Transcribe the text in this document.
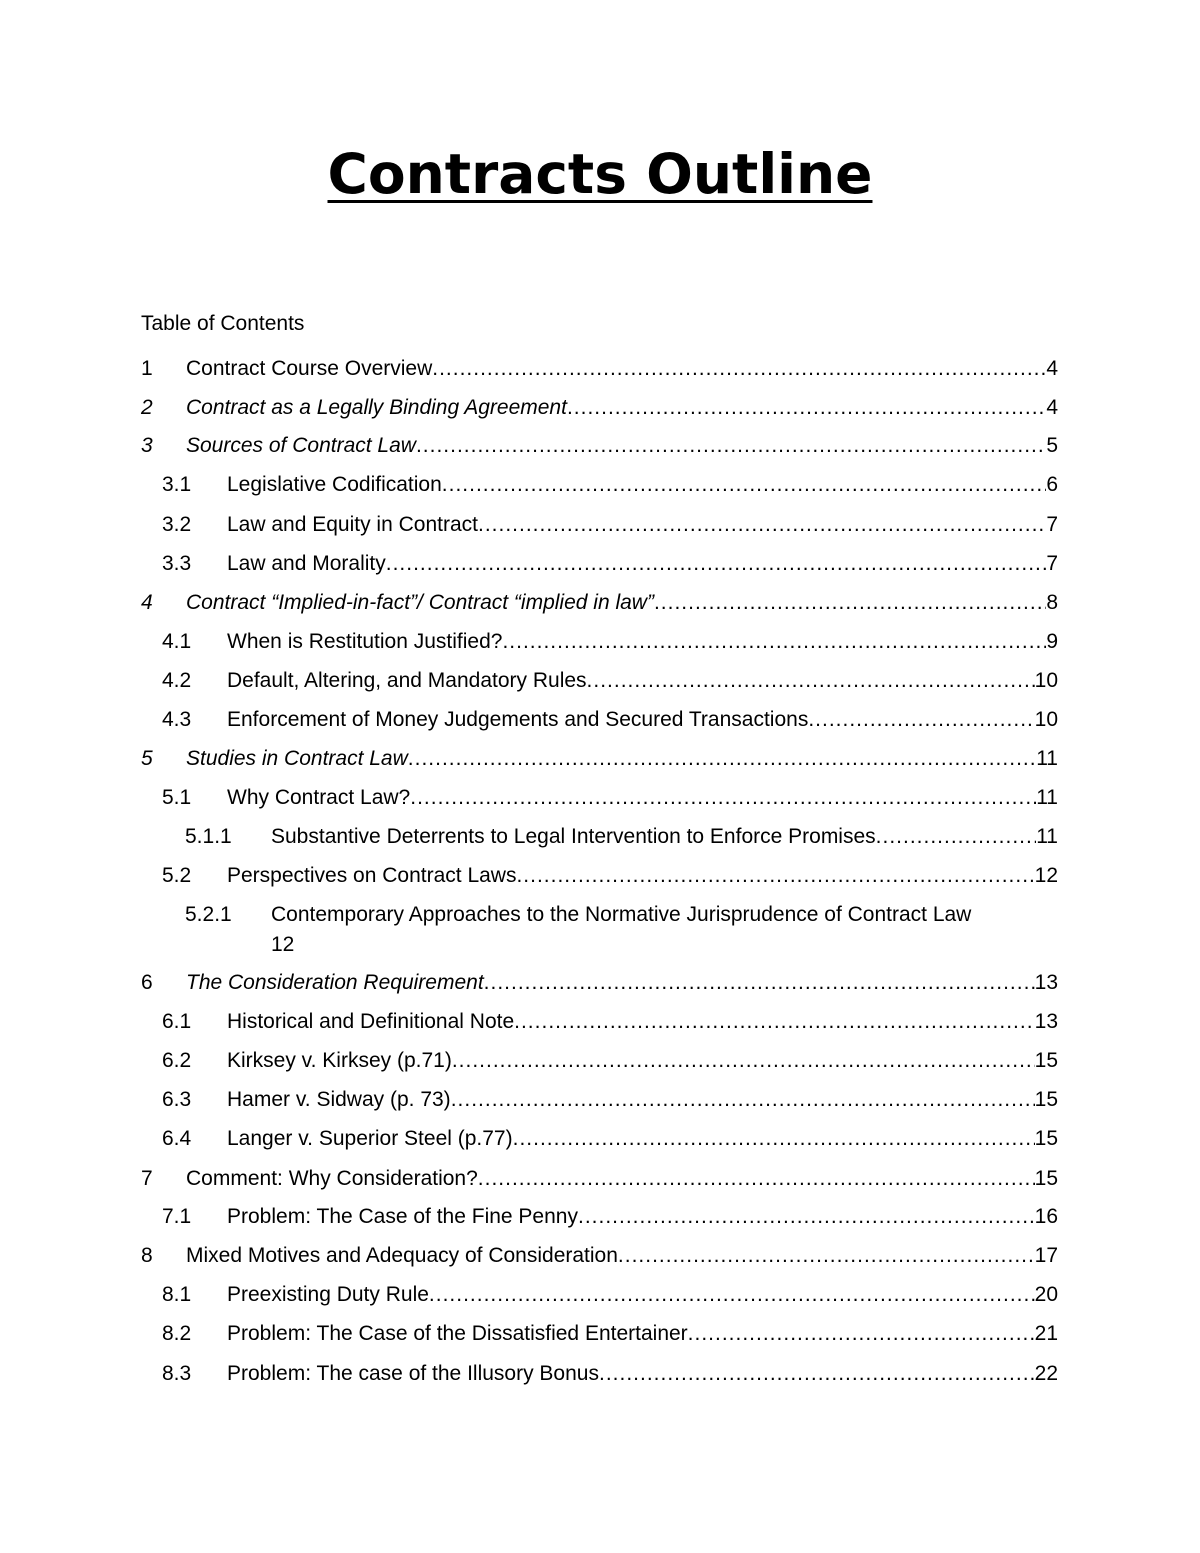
Contracts Outline

Table of Contents

1 Contract Course Overview .....	4
2 Contract as a Legally Binding Agreement .....	4
3 Sources of Contract Law .....	5
3.1 Legislative Codification .....	6
3.2 Law and Equity in Contract .....	7
3.3 Law and Morality .....	7
4 Contract “Implied-in-fact”/ Contract “implied in law” .....	8
4.1 When is Restitution Justified? .....	9
4.2 Default, Altering, and Mandatory Rules .....	10
4.3 Enforcement of Money Judgements and Secured Transactions .....	10
5 Studies in Contract Law .....	11
5.1 Why Contract Law? .....	11
5.1.1 Substantive Deterrents to Legal Intervention to Enforce Promises .....	11
5.2 Perspectives on Contract Laws .....	12
5.2.1 Contemporary Approaches to the Normative Jurisprudence of Contract Law
12
6 The Consideration Requirement .....	13
6.1 Historical and Definitional Note .....	13
6.2 Kirksey v. Kirksey (p.71) .....	15
6.3 Hamer v. Sidway (p. 73) .....	15
6.4 Langer v. Superior Steel (p.77) .....	15
7 Comment: Why Consideration? .....	15
7.1 Problem: The Case of the Fine Penny .....	16
8 Mixed Motives and Adequacy of Consideration .....	17
8.1 Preexisting Duty Rule .....	20
8.2 Problem: The Case of the Dissatisfied Entertainer .....	21
8.3 Problem: The case of the Illusory Bonus .....	22
